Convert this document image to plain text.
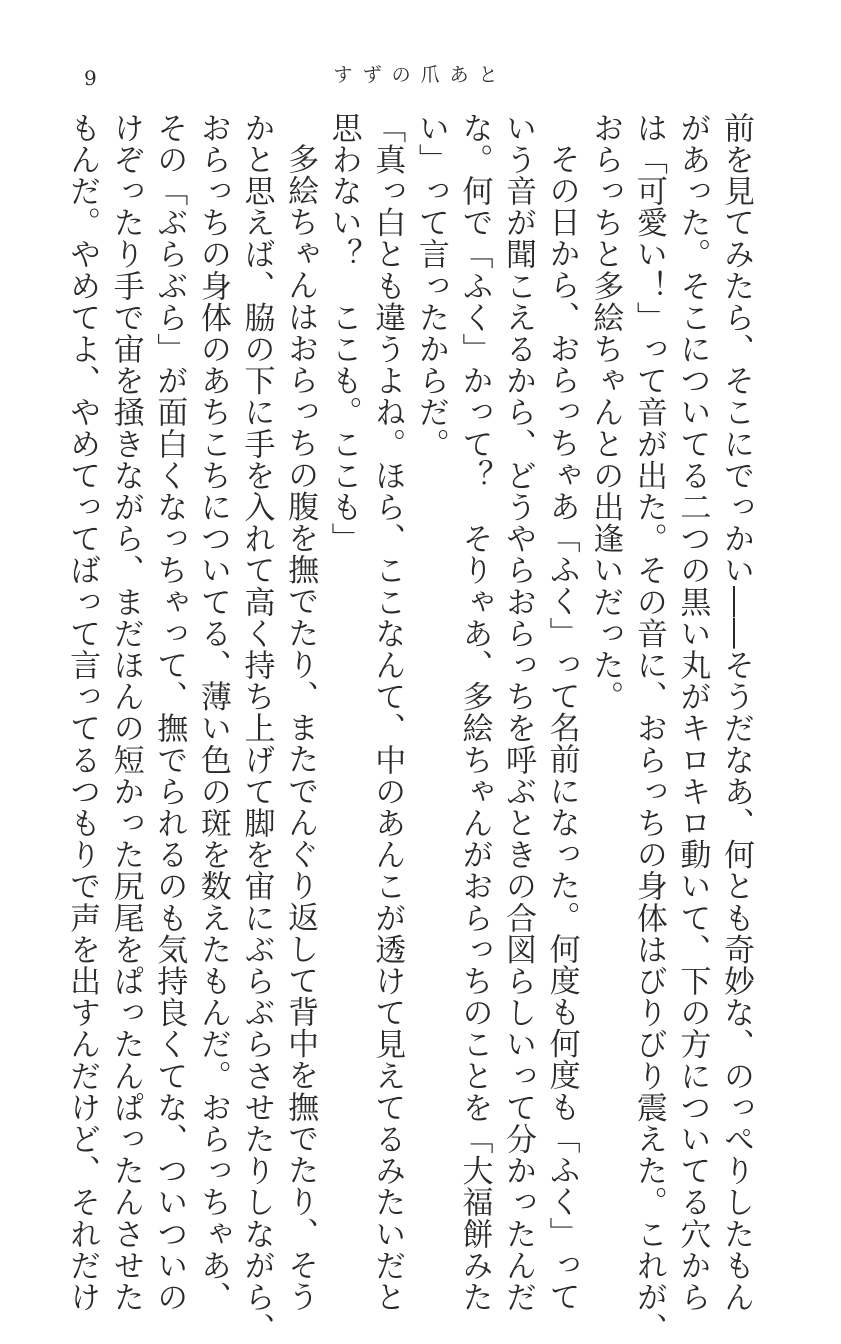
9	すずの爪あと
前を見てみたら、そこにでっかい――そうだなあ、何とも奇妙な、のっぺりしたもん
があった。そこについてる二つの黒い丸がキロキロ動いて、下の方についてる穴から
は「可愛い！」って音が出た。その音に、おらっちの身体はびりびり震えた。これが、
おらっちと多絵ちゃんとの出逢いだった。
その日から、おらっちゃあ「ふく」って名前になった。何度も何度も「ふく」って
いう音が聞こえるから、どうやらおらっちを呼ぶときの合図らしいって分かったんだ
な。何で「ふく」かって？　そりゃあ、多絵ちゃんがおらっちのことを「大福餅みた
い」って言ったからだ。
「真っ白とも違うよね。ほら、ここなんて、中のあんこが透けて見えてるみたいだと
思わない？　ここも。ここも」
多絵ちゃんはおらっちの腹を撫でたり、またでんぐり返して背中を撫でたり、そう
かと思えば、脇の下に手を入れて高く持ち上げて脚を宙にぶらぶらさせたりしながら、
おらっちの身体のあちこちについてる、薄い色の斑を数えたもんだ。おらっちゃあ、
その「ぶらぶら」が面白くなっちゃって、撫でられるのも気持良くてな、ついついの
けぞったり手で宙を掻きながら、まだほんの短かった尻尾をぱったんぱったんさせた
もんだ。やめてよ、やめてってばって言ってるつもりで声を出すんだけど、それだけ
